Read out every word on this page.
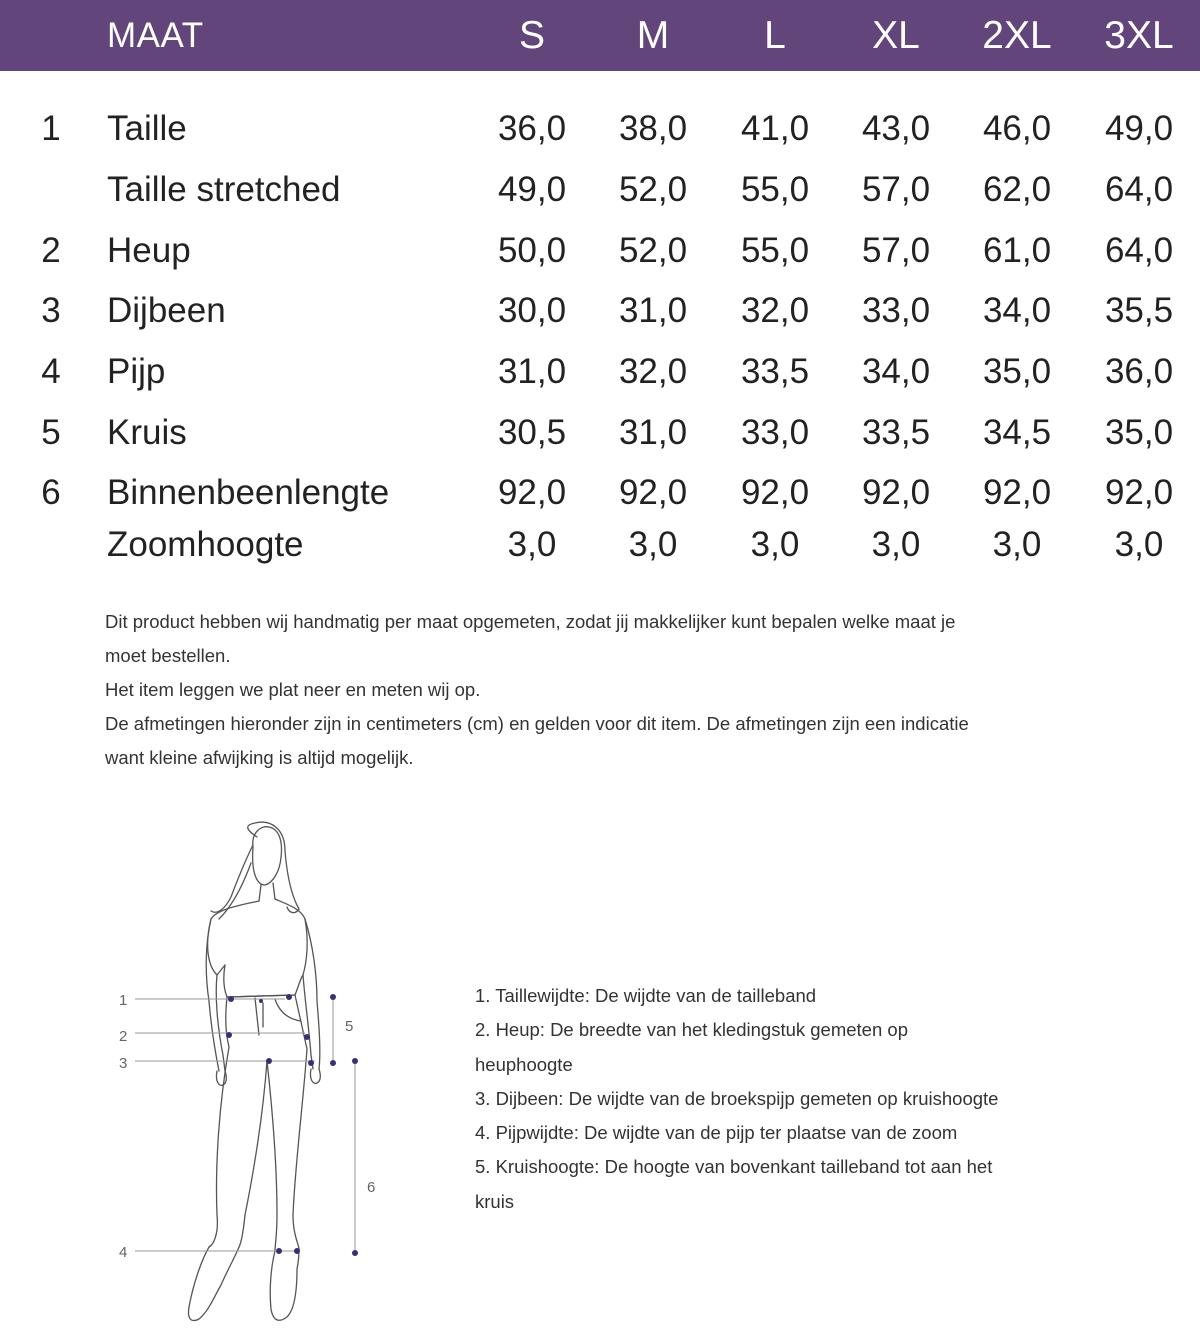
MAAT	S	M	L	XL	2XL	3XL
1 Taille	36,0	38,0	41,0	43,0	46,0	49,0
Taille stretched	49,0	52,0	55,0	57,0	62,0	64,0
2 Heup	50,0	52,0	55,0	57,0	61,0	64,0
3 Dijbeen	30,0	31,0	32,0	33,0	34,0	35,5
4 Pijp	31,0	32,0	33,5	34,0	35,0	36,0
5 Kruis	30,5	31,0	33,0	33,5	34,5	35,0
6 Binnenbeenlengte	92,0	92,0	92,0	92,0	92,0	92,0
Zoomhoogte	3,0	3,0	3,0	3,0	3,0	3,0

Dit product hebben wij handmatig per maat opgemeten, zodat jij makkelijker kunt bepalen welke maat je

moet bestellen.

Het item leggen we plat neer en meten wij op.

De afmetingen hieronder zijn in centimeters (cm) en gelden voor dit item. De afmetingen zijn een indicatie

want kleine afwijking is altijd mogelijk.

1
2
3
4
5
6

1. Taillewijdte: De wijdte van de tailleband

2. Heup: De breedte van het kledingstuk gemeten op

heuphoogte

3. Dijbeen: De wijdte van de broekspijp gemeten op kruishoogte

4. Pijpwijdte: De wijdte van de pijp ter plaatse van de zoom

5. Kruishoogte: De hoogte van bovenkant tailleband tot aan het

kruis
